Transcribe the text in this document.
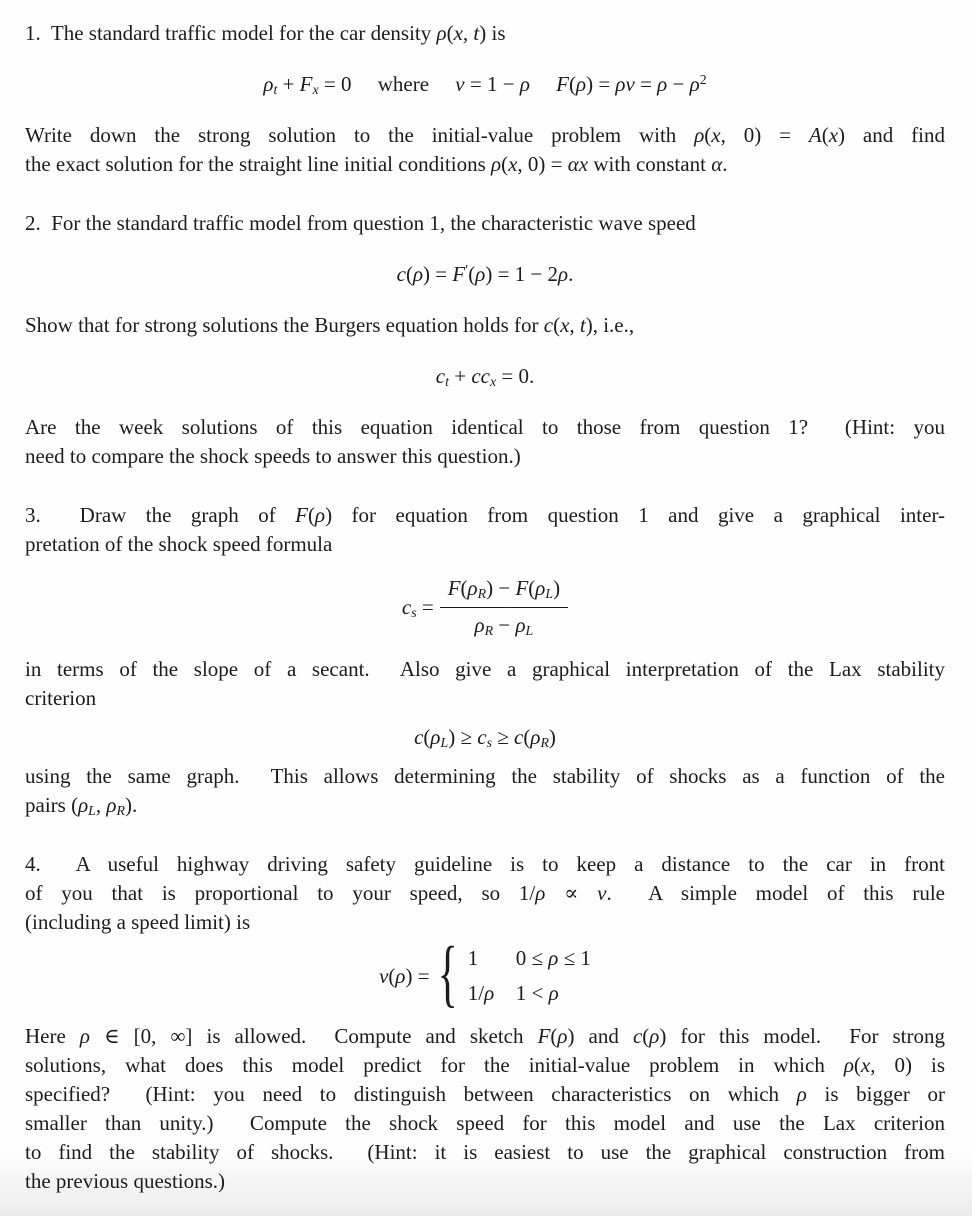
1.  The standard traffic model for the car density ρ(x, t) is

$\rho_t + F_x = 0$  where  v = 1 − ρ   $F(\rho) = \rho v = \rho - \rho^2$

Write down the strong solution to the initial-value problem with ρ(x, 0) = A(x) and find

the exact solution for the straight line initial conditions ρ(x, 0) = αx with constant α.

2.  For the standard traffic model from question 1, the characteristic wave speed

c(ρ) = F′(ρ) = 1 − 2ρ.

Show that for strong solutions the Burgers equation holds for c(x, t), i.e.,

$c_t + cc_x = 0$.

Are the week solutions of this equation identical to those from question 1?  (Hint: you

need to compare the shock speeds to answer this question.)

3.  Draw the graph of F(ρ) for equation from question 1 and give a graphical inter-

pretation of the shock speed formula

$c_s = \frac{F(\rho_R) - F(\rho_L)}{\rho_R - \rho_L}$

in terms of the slope of a secant.  Also give a graphical interpretation of the Lax stability

criterion

$c(\rho_L) \ge c_s \ge c(\rho_R)$

using the same graph.  This allows determining the stability of shocks as a function of the

pairs ($\rho_L$, $\rho_R$).

4.  A useful highway driving safety guideline is to keep a distance to the car in front

of you that is proportional to your speed, so 1/ρ ∝ v.  A simple model of this rule

(including a speed limit) is

v(ρ) = { 1	0 ≤ ρ ≤ 1
1/ρ	1 < ρ

Here ρ ∈ [0, ∞] is allowed.  Compute and sketch F(ρ) and c(ρ) for this model.  For strong

solutions, what does this model predict for the initial-value problem in which ρ(x, 0) is

specified?  (Hint: you need to distinguish between characteristics on which ρ is bigger or

smaller than unity.)  Compute the shock speed for this model and use the Lax criterion

to find the stability of shocks.  (Hint: it is easiest to use the graphical construction from

the previous questions.)
